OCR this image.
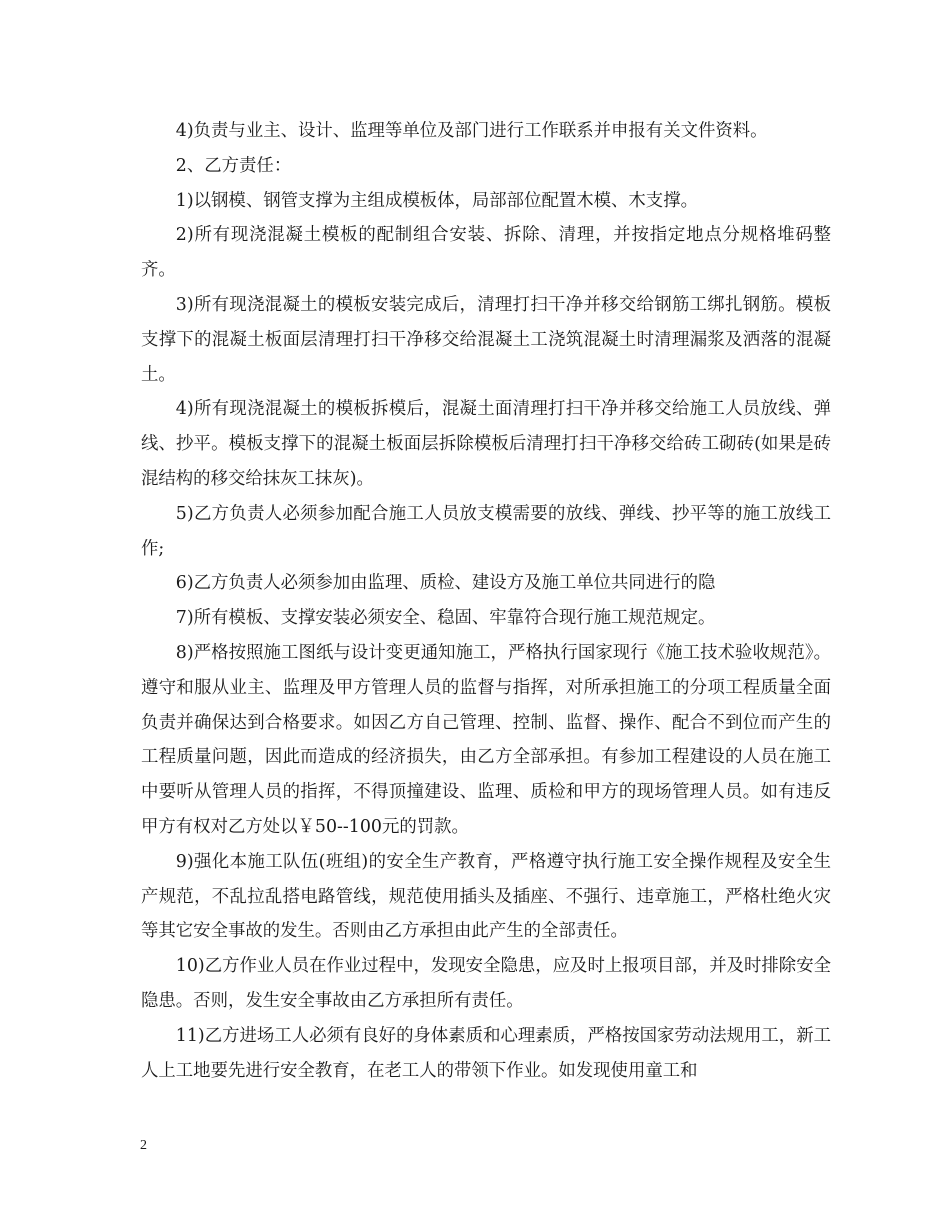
4)负责与业主、设计、监理等单位及部门进行工作联系并申报有关文件资料。

2、乙方责任：

1)以钢模、钢管支撑为主组成模板体，局部部位配置木模、木支撑。

2)所有现浇混凝土模板的配制组合安装、拆除、清理，并按指定地点分规格堆码整齐。

3)所有现浇混凝土的模板安装完成后，清理打扫干净并移交给钢筋工绑扎钢筋。模板支撑下的混凝土板面层清理打扫干净移交给混凝土工浇筑混凝土时清理漏浆及洒落的混凝土。

4)所有现浇混凝土的模板拆模后，混凝土面清理打扫干净并移交给施工人员放线、弹线、抄平。模板支撑下的混凝土板面层拆除模板后清理打扫干净移交给砖工砌砖(如果是砖混结构的移交给抹灰工抹灰)。

5)乙方负责人必须参加配合施工人员放支模需要的放线、弹线、抄平等的施工放线工作;

6)乙方负责人必须参加由监理、质检、建设方及施工单位共同进行的隐

7)所有模板、支撑安装必须安全、稳固、牢靠符合现行施工规范规定。

8)严格按照施工图纸与设计变更通知施工，严格执行国家现行《施工技术验收规范》。遵守和服从业主、监理及甲方管理人员的监督与指挥，对所承担施工的分项工程质量全面负责并确保达到合格要求。如因乙方自己管理、控制、监督、操作、配合不到位而产生的工程质量问题，因此而造成的经济损失，由乙方全部承担。有参加工程建设的人员在施工中要听从管理人员的指挥，不得顶撞建设、监理、质检和甲方的现场管理人员。如有违反甲方有权对乙方处以￥50--100元的罚款。

9)强化本施工队伍(班组)的安全生产教育，严格遵守执行施工安全操作规程及安全生产规范，不乱拉乱搭电路管线，规范使用插头及插座、不强行、违章施工，严格杜绝火灾等其它安全事故的发生。否则由乙方承担由此产生的全部责任。

10)乙方作业人员在作业过程中，发现安全隐患，应及时上报项目部，并及时排除安全隐患。否则，发生安全事故由乙方承担所有责任。

11)乙方进场工人必须有良好的身体素质和心理素质，严格按国家劳动法规用工，新工人上工地要先进行安全教育，在老工人的带领下作业。如发现使用童工和

2
